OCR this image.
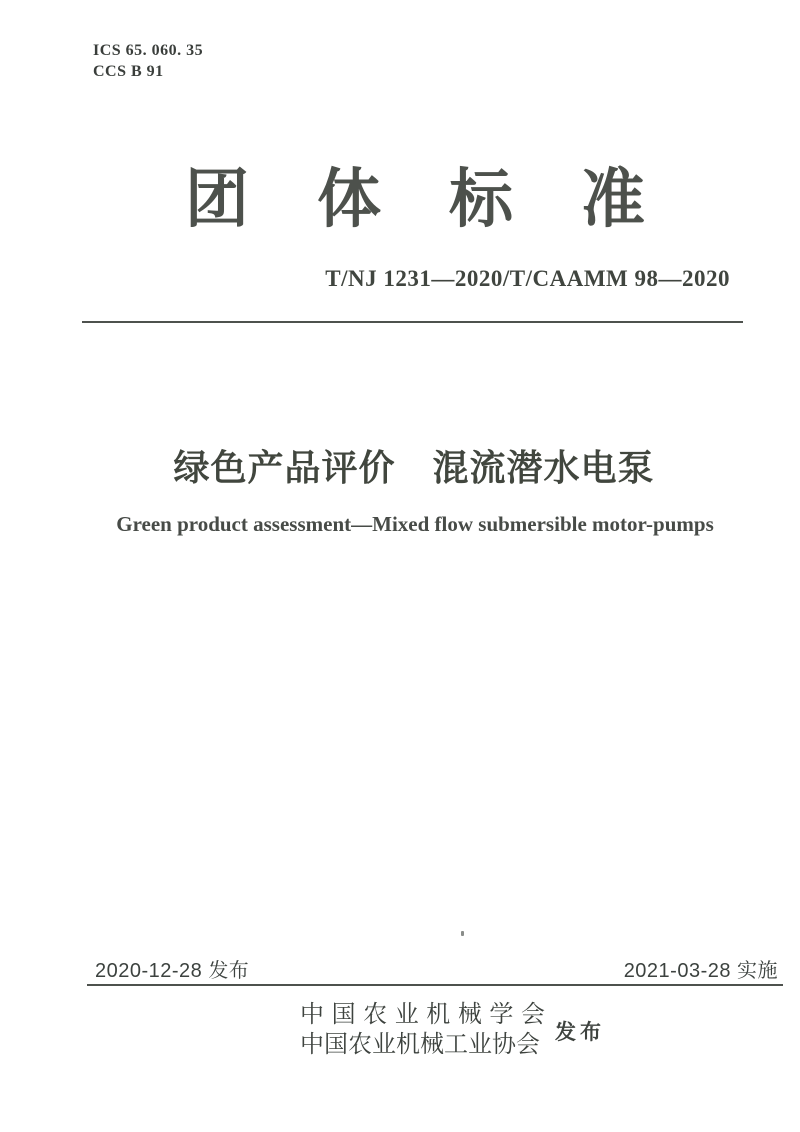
ICS 65. 060. 35
CCS B 91
团 体 标 准
T/NJ 1231—2020/T/CAAMM 98—2020
绿色产品评价　混流潜水电泵
Green product assessment—Mixed flow submersible motor-pumps
2020-12-28 发布	2021-03-28 实施
中国农业机械学会
中国农业机械工业协会 发布
